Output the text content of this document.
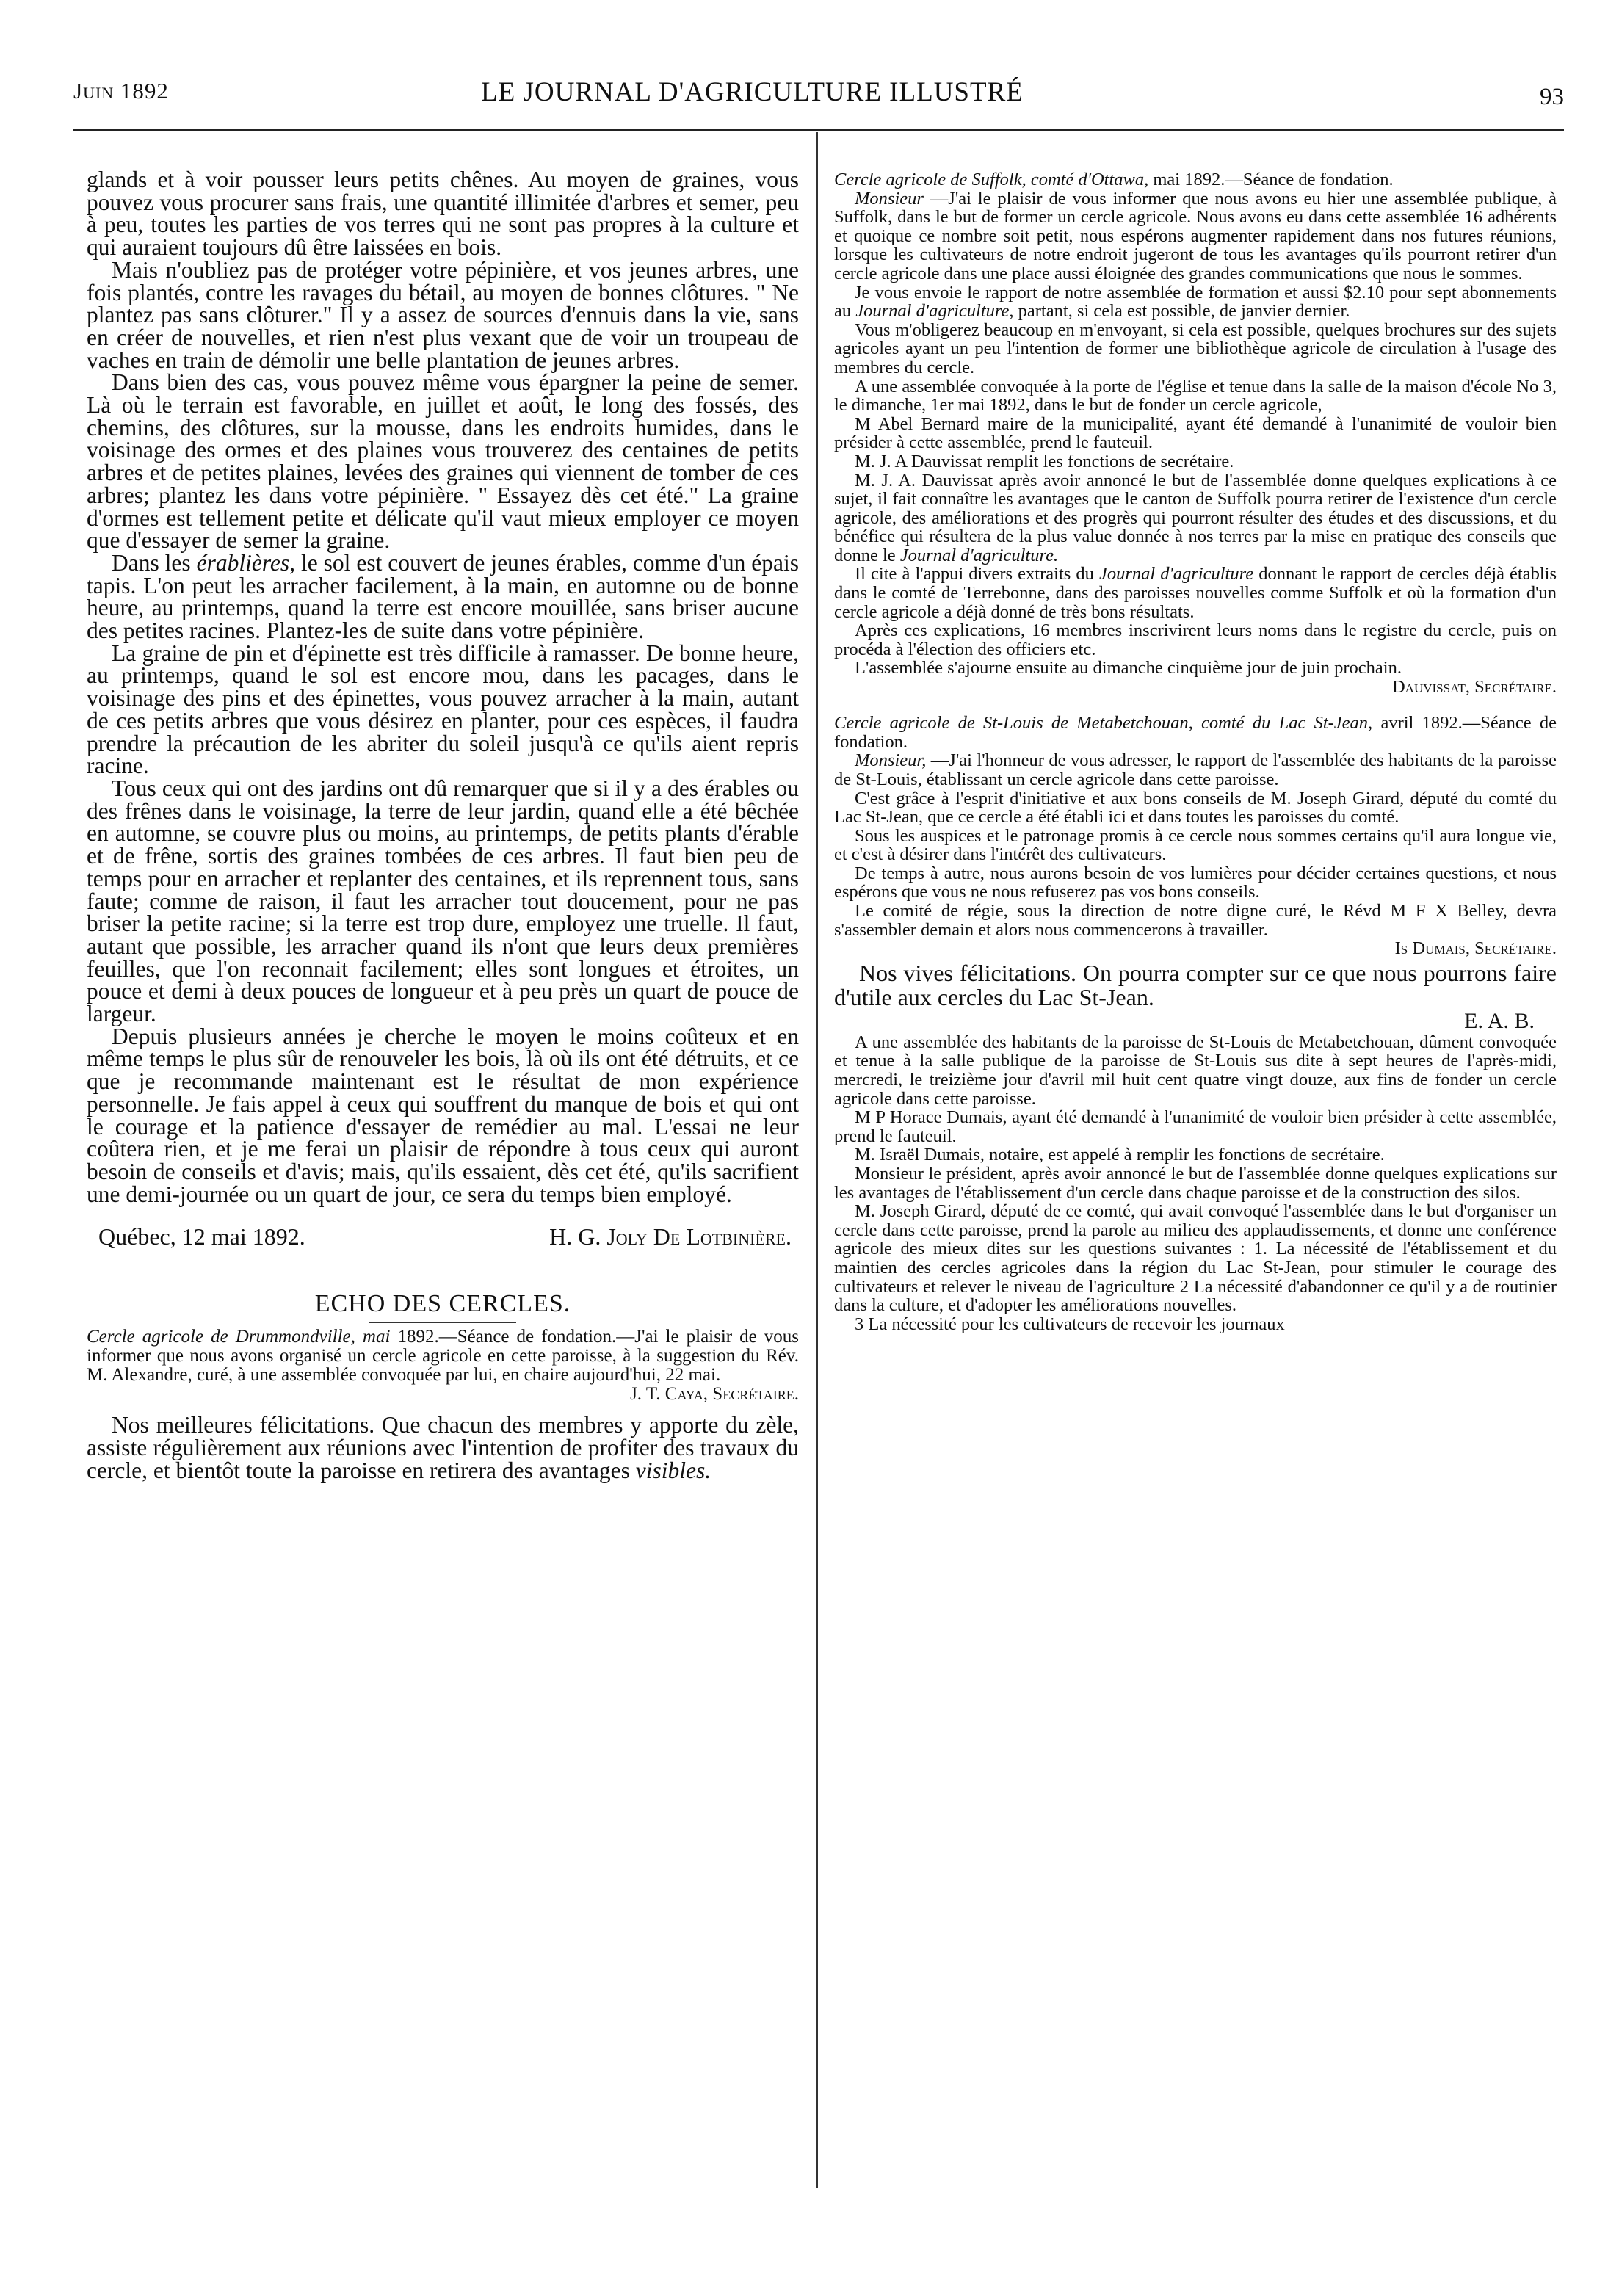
Juin 1892	LE JOURNAL D'AGRICULTURE ILLUSTRÉ	93

glands et à voir pousser leurs petits chênes. Au moyen de graines, vous pouvez vous procurer sans frais, une quantité illimitée d'arbres et semer, peu à peu, toutes les parties de vos terres qui ne sont pas propres à la culture et qui auraient toujours dû être laissées en bois.

Mais n'oubliez pas de protéger votre pépinière, et vos jeunes arbres, une fois plantés, contre les ravages du bétail, au moyen de bonnes clôtures. " Ne plantez pas sans clôturer." Il y a assez de sources d'ennuis dans la vie, sans en créer de nouvelles, et rien n'est plus vexant que de voir un troupeau de vaches en train de démolir une belle plantation de jeunes arbres.

Dans bien des cas, vous pouvez même vous épargner la peine de semer. Là où le terrain est favorable, en juillet et août, le long des fossés, des chemins, des clôtures, sur la mousse, dans les endroits humides, dans le voisinage des ormes et des plaines vous trouverez des centaines de petits arbres et de petites plaines, levées des graines qui viennent de tomber de ces arbres; plantez les dans votre pépinière. " Essayez dès cet été." La graine d'ormes est tellement petite et délicate qu'il vaut mieux employer ce moyen que d'essayer de semer la graine.

Dans les érablières, le sol est couvert de jeunes érables, comme d'un épais tapis. L'on peut les arracher facilement, à la main, en automne ou de bonne heure, au printemps, quand la terre est encore mouillée, sans briser aucune des petites racines. Plantez-les de suite dans votre pépinière.

La graine de pin et d'épinette est très difficile à ramasser. De bonne heure, au printemps, quand le sol est encore mou, dans les pacages, dans le voisinage des pins et des épinettes, vous pouvez arracher à la main, autant de ces petits arbres que vous désirez en planter, pour ces espèces, il faudra prendre la précaution de les abriter du soleil jusqu'à ce qu'ils aient repris racine.

Tous ceux qui ont des jardins ont dû remarquer que si il y a des érables ou des frênes dans le voisinage, la terre de leur jardin, quand elle a été bêchée en automne, se couvre plus ou moins, au printemps, de petits plants d'érable et de frêne, sortis des graines tombées de ces arbres. Il faut bien peu de temps pour en arracher et replanter des centaines, et ils reprennent tous, sans faute; comme de raison, il faut les arracher tout doucement, pour ne pas briser la petite racine; si la terre est trop dure, employez une truelle. Il faut, autant que possible, les arracher quand ils n'ont que leurs deux premières feuilles, que l'on reconnait facilement; elles sont longues et étroites, un pouce et demi à deux pouces de longueur et à peu près un quart de pouce de largeur.

Depuis plusieurs années je cherche le moyen le moins coûteux et en même temps le plus sûr de renouveler les bois, là où ils ont été détruits, et ce que je recommande maintenant est le résultat de mon expérience personnelle. Je fais appel à ceux qui souffrent du manque de bois et qui ont le courage et la patience d'essayer de remédier au mal. L'essai ne leur coûtera rien, et je me ferai un plaisir de répondre à tous ceux qui auront besoin de conseils et d'avis; mais, qu'ils essaient, dès cet été, qu'ils sacrifient une demi-journée ou un quart de jour, ce sera du temps bien employé.

Québec, 12 mai 1892.	H. G. Joly De Lotbinière.
ECHO DES CERCLES.

Cercle agricole de Drummondville, mai 1892.—Séance de fondation.—J'ai le plaisir de vous informer que nous avons organisé un cercle agricole en cette paroisse, à la suggestion du Rév. M. Alexandre, curé, à une assemblée convoquée par lui, en chaire aujourd'hui, 22 mai.

J. T. Caya, Secrétaire.

Nos meilleures félicitations. Que chacun des membres y apporte du zèle, assiste régulièrement aux réunions avec l'intention de profiter des travaux du cercle, et bientôt toute la paroisse en retirera des avantages visibles.

Cercle agricole de Suffolk, comté d'Ottawa, mai 1892.—Séance de fondation.

Monsieur —J'ai le plaisir de vous informer que nous avons eu hier une assemblée publique, à Suffolk, dans le but de former un cercle agricole. Nous avons eu dans cette assemblée 16 adhérents et quoique ce nombre soit petit, nous espérons augmenter rapidement dans nos futures réunions, lorsque les cultivateurs de notre endroit jugeront de tous les avantages qu'ils pourront retirer d'un cercle agricole dans une place aussi éloignée des grandes communications que nous le sommes.

Je vous envoie le rapport de notre assemblée de formation et aussi $2.10 pour sept abonnements au Journal d'agriculture, partant, si cela est possible, de janvier dernier.

Vous m'obligerez beaucoup en m'envoyant, si cela est possible, quelques brochures sur des sujets agricoles ayant un peu l'intention de former une bibliothèque agricole de circulation à l'usage des membres du cercle.

A une assemblée convoquée à la porte de l'église et tenue dans la salle de la maison d'école No 3, le dimanche, 1er mai 1892, dans le but de fonder un cercle agricole,

M Abel Bernard maire de la municipalité, ayant été demandé à l'unanimité de vouloir bien présider à cette assemblée, prend le fauteuil.

M. J. A Dauvissat remplit les fonctions de secrétaire.

M. J. A. Dauvissat après avoir annoncé le but de l'assemblée donne quelques explications à ce sujet, il fait connaître les avantages que le canton de Suffolk pourra retirer de l'existence d'un cercle agricole, des améliorations et des progrès qui pourront résulter des études et des discussions, et du bénéfice qui résultera de la plus value donnée à nos terres par la mise en pratique des conseils que donne le Journal d'agriculture.

Il cite à l'appui divers extraits du Journal d'agriculture donnant le rapport de cercles déjà établis dans le comté de Terrebonne, dans des paroisses nouvelles comme Suffolk et où la formation d'un cercle agricole a déjà donné de très bons résultats.

Après ces explications, 16 membres inscrivirent leurs noms dans le registre du cercle, puis on procéda à l'élection des officiers etc.

L'assemblée s'ajourne ensuite au dimanche cinquième jour de juin prochain.

Dauvissat, Secrétaire.

Cercle agricole de St-Louis de Metabetchouan, comté du Lac St-Jean, avril 1892.—Séance de fondation.

Monsieur, —J'ai l'honneur de vous adresser, le rapport de l'assemblée des habitants de la paroisse de St-Louis, établissant un cercle agricole dans cette paroisse.

C'est grâce à l'esprit d'initiative et aux bons conseils de M. Joseph Girard, député du comté du Lac St-Jean, que ce cercle a été établi ici et dans toutes les paroisses du comté.

Sous les auspices et le patronage promis à ce cercle nous sommes certains qu'il aura longue vie, et c'est à désirer dans l'intérêt des cultivateurs.

De temps à autre, nous aurons besoin de vos lumières pour décider certaines questions, et nous espérons que vous ne nous refuserez pas vos bons conseils.

Le comité de régie, sous la direction de notre digne curé, le Révd M F X Belley, devra s'assembler demain et alors nous commencerons à travailler.

Is Dumais, Secrétaire.

Nos vives félicitations. On pourra compter sur ce que nous pourrons faire d'utile aux cercles du Lac St-Jean.

E. A. B.

A une assemblée des habitants de la paroisse de St-Louis de Metabetchouan, dûment convoquée et tenue à la salle publique de la paroisse de St-Louis sus dite à sept heures de l'après-midi, mercredi, le treizième jour d'avril mil huit cent quatre vingt douze, aux fins de fonder un cercle agricole dans cette paroisse.

M P Horace Dumais, ayant été demandé à l'unanimité de vouloir bien présider à cette assemblée, prend le fauteuil.

M. Israël Dumais, notaire, est appelé à remplir les fonctions de secrétaire.

Monsieur le président, après avoir annoncé le but de l'assemblée donne quelques explications sur les avantages de l'établissement d'un cercle dans chaque paroisse et de la construction des silos.

M. Joseph Girard, député de ce comté, qui avait convoqué l'assemblée dans le but d'organiser un cercle dans cette paroisse, prend la parole au milieu des applaudissements, et donne une conférence agricole des mieux dites sur les questions suivantes : 1. La nécessité de l'établissement et du maintien des cercles agricoles dans la région du Lac St-Jean, pour stimuler le courage des cultivateurs et relever le niveau de l'agriculture 2 La nécessité d'abandonner ce qu'il y a de routinier dans la culture, et d'adopter les améliorations nouvelles.

3 La nécessité pour les cultivateurs de recevoir les journaux
